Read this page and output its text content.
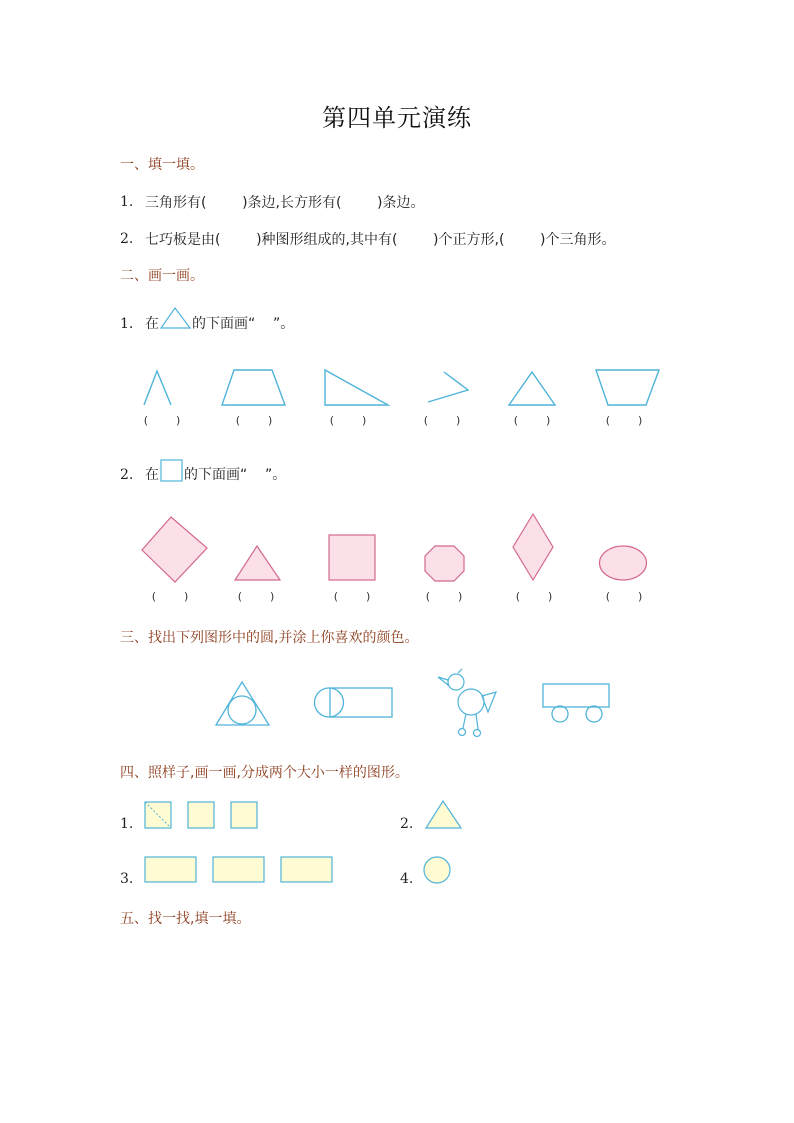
第四单元演练
一、填一填。
1. 三角形有(        )条边,长方形有(        )条边。
2. 七巧板是由(        )种图形组成的,其中有(        )个正方形,(        )个三角形。
二、画一画。
1. 在 的下面画“    ”。
(        )	(        )	(        )	(        )	(        )	(        )
2. 在 的下面画“    ”。
(        )	(        )	(        )	(        )	(        )	(        )
三、找出下列图形中的圆,并涂上你喜欢的颜色。
四、照样子,画一画,分成两个大小一样的图形。
1.	2.
3.	4.
五、找一找,填一填。
